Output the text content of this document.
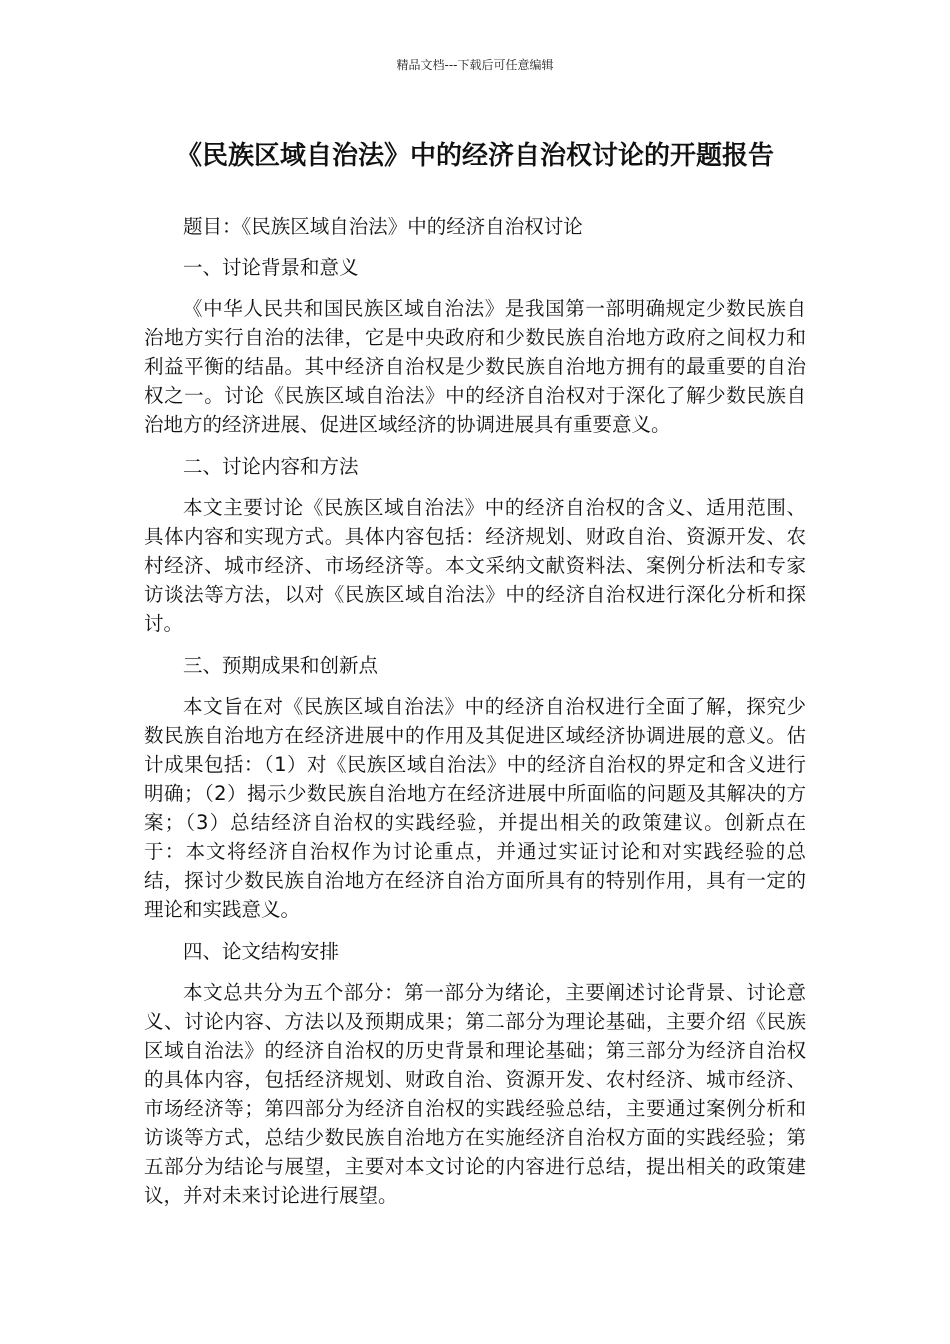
精品文档---下载后可任意编辑
《民族区域自治法》中的经济自治权讨论的开题报告

题目：《民族区域自治法》中的经济自治权讨论

一、讨论背景和意义

《中华人民共和国民族区域自治法》是我国第一部明确规定少数民族自治地方实行自治的法律，它是中央政府和少数民族自治地方政府之间权力和利益平衡的结晶。其中经济自治权是少数民族自治地方拥有的最重要的自治权之一。讨论《民族区域自治法》中的经济自治权对于深化了解少数民族自治地方的经济进展、促进区域经济的协调进展具有重要意义。

二、讨论内容和方法

本文主要讨论《民族区域自治法》中的经济自治权的含义、适用范围、具体内容和实现方式。具体内容包括：经济规划、财政自治、资源开发、农村经济、城市经济、市场经济等。本文采纳文献资料法、案例分析法和专家访谈法等方法，以对《民族区域自治法》中的经济自治权进行深化分析和探讨。

三、预期成果和创新点

本文旨在对《民族区域自治法》中的经济自治权进行全面了解，探究少数民族自治地方在经济进展中的作用及其促进区域经济协调进展的意义。估计成果包括：（1）对《民族区域自治法》中的经济自治权的界定和含义进行明确；（2）揭示少数民族自治地方在经济进展中所面临的问题及其解决的方案；（3）总结经济自治权的实践经验，并提出相关的政策建议。创新点在于：本文将经济自治权作为讨论重点，并通过实证讨论和对实践经验的总结，探讨少数民族自治地方在经济自治方面所具有的特别作用，具有一定的理论和实践意义。

四、论文结构安排

本文总共分为五个部分：第一部分为绪论，主要阐述讨论背景、讨论意义、讨论内容、方法以及预期成果；第二部分为理论基础，主要介绍《民族区域自治法》的经济自治权的历史背景和理论基础；第三部分为经济自治权的具体内容，包括经济规划、财政自治、资源开发、农村经济、城市经济、市场经济等；第四部分为经济自治权的实践经验总结，主要通过案例分析和访谈等方式，总结少数民族自治地方在实施经济自治权方面的实践经验；第五部分为结论与展望，主要对本文讨论的内容进行总结，提出相关的政策建议，并对未来讨论进行展望。
